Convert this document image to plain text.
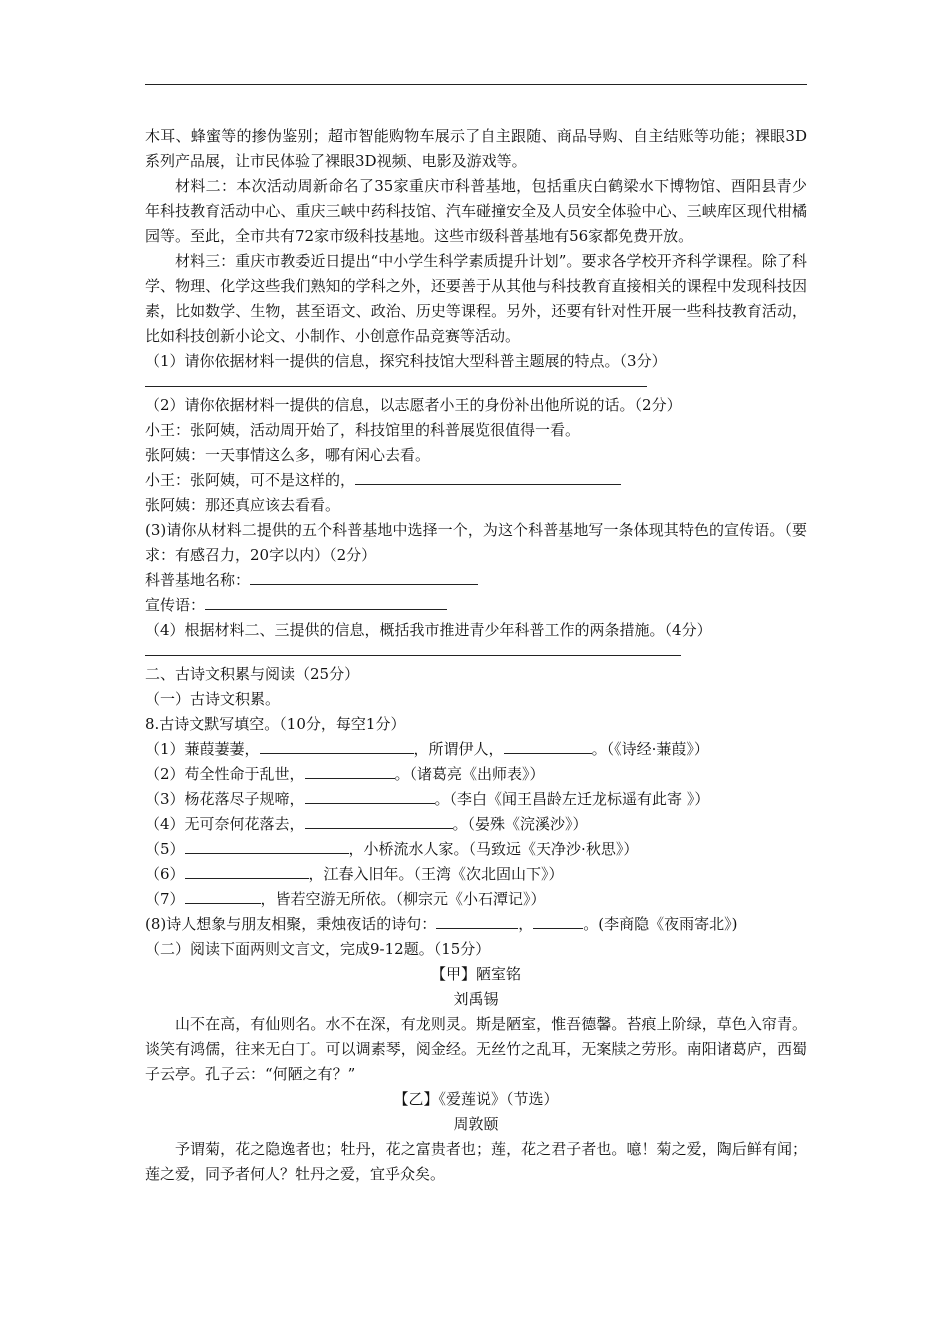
木耳、蜂蜜等的掺伪鉴别；超市智能购物车展示了自主跟随、商品导购、自主结账等功能；裸眼3D系列产品展，让市民体验了裸眼3D视频、电影及游戏等。

材料二：本次活动周新命名了35家重庆市科普基地，包括重庆白鹤梁水下博物馆、酉阳县青少年科技教育活动中心、重庆三峡中药科技馆、汽车碰撞安全及人员安全体验中心、三峡库区现代柑橘园等。至此，全市共有72家市级科技基地。这些市级科普基地有56家都免费开放。

材料三：重庆市教委近日提出“中小学生科学素质提升计划”。要求各学校开齐科学课程。除了科学、物理、化学这些我们熟知的学科之外，还要善于从其他与科技教育直接相关的课程中发现科技因素，比如数学、生物，甚至语文、政治、历史等课程。另外，还要有针对性开展一些科技教育活动，比如科技创新小论文、小制作、小创意作品竞赛等活动。

（1）请你依据材料一提供的信息，探究科技馆大型科普主题展的特点。（3分）

（2）请你依据材料一提供的信息，以志愿者小王的身份补出他所说的话。（2分）

小王：张阿姨，活动周开始了，科技馆里的科普展览很值得一看。

张阿姨：一天事情这么多，哪有闲心去看。

小王：张阿姨，可不是这样的，

张阿姨：那还真应该去看看。

(3)请你从材料二提供的五个科普基地中选择一个，为这个科普基地写一条体现其特色的宣传语。（要求：有感召力，20字以内）（2分）

科普基地名称：

宣传语：

（4）根据材料二、三提供的信息，概括我市推进青少年科普工作的两条措施。（4分）

二、古诗文积累与阅读（25分）

（一）古诗文积累。

8.古诗文默写填空。（10分，每空1分）

（1）蒹葭萋萋，	，所谓伊人，	。（《诗经·蒹葭》）

（2）苟全性命于乱世，	。（诸葛亮《出师表》）

（3）杨花落尽子规啼，	。（李白《闻王昌龄左迁龙标遥有此寄 》）

（4）无可奈何花落去，	。（晏殊《浣溪沙》）

（5）	，小桥流水人家。（马致远《天净沙·秋思》）

（6）	，江春入旧年。（王湾《次北固山下》）

（7）	，皆若空游无所依。（柳宗元《小石潭记》）

(8)诗人想象与朋友相聚，秉烛夜话的诗句：	，	。(李商隐《夜雨寄北》)

（二）阅读下面两则文言文，完成9-12题。（15分）

【甲】陋室铭

刘禹锡

山不在高，有仙则名。水不在深，有龙则灵。斯是陋室，惟吾德馨。苔痕上阶绿，草色入帘青。谈笑有鸿儒，往来无白丁。可以调素琴，阅金经。无丝竹之乱耳，无案牍之劳形。南阳诸葛庐，西蜀子云亭。孔子云：“何陋之有？”

【乙】《爱莲说》（节选）

周敦颐

予谓菊，花之隐逸者也；牡丹，花之富贵者也；莲，花之君子者也。噫！菊之爱，陶后鲜有闻；莲之爱，同予者何人？牡丹之爱，宜乎众矣。
